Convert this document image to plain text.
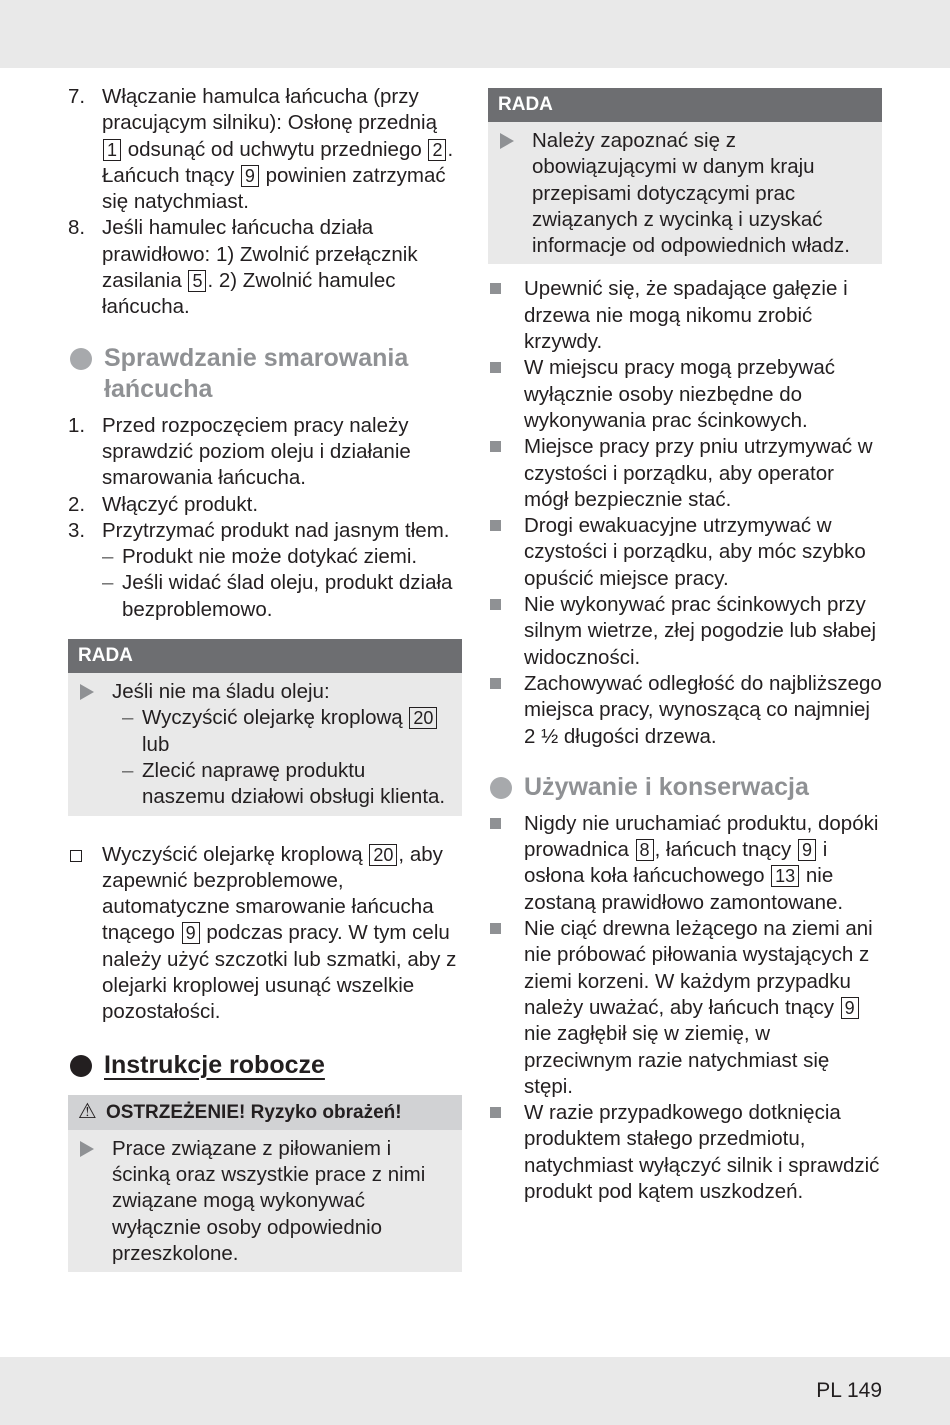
7. Włączanie hamulca łańcucha (przy pracującym silniku): Osłonę przednią 1 odsunąć od uchwytu przedniego 2 . Łańcuch tnący 9 powinien zatrzymać się natychmiast.
8. Jeśli hamulec łańcucha działa prawidłowo: 1) Zwolnić przełącznik zasilania 5 . 2) Zwolnić hamulec łańcucha.
Sprawdzanie smarowania łańcucha
1. Przed rozpoczęciem pracy należy sprawdzić poziom oleju i działanie smarowania łańcucha.
2. Włączyć produkt.
3. Przytrzymać produkt nad jasnym tłem.
– Produkt nie może dotykać ziemi.
– Jeśli widać ślad oleju, produkt działa bezproblemowo.
RADA
Jeśli nie ma śladu oleju:
– Wyczyścić olejarkę kroplową 20 lub
– Zlecić naprawę produktu naszemu działowi obsługi klienta.
Wyczyścić olejarkę kroplową 20 , aby zapewnić bezproblemowe, automatyczne smarowanie łańcucha tnącego 9 podczas pracy. W tym celu należy użyć szczotki lub szmatki, aby z olejarki kroplowej usunąć wszelkie pozostałości.
Instrukcje robocze
⚠ OSTRZEŻENIE! Ryzyko obrażeń!
Prace związane z piłowaniem i ścinką oraz wszystkie prace z nimi związane mogą wykonywać wyłącznie osoby odpowiednio przeszkolone.
RADA
Należy zapoznać się z obowiązującymi w danym kraju przepisami dotyczącymi prac związanych z wycinką i uzyskać informacje od odpowiednich władz.
Upewnić się, że spadające gałęzie i drzewa nie mogą nikomu zrobić krzywdy.
W miejscu pracy mogą przebywać wyłącznie osoby niezbędne do wykonywania prac ścinkowych.
Miejsce pracy przy pniu utrzymywać w czystości i porządku, aby operator mógł bezpiecznie stać.
Drogi ewakuacyjne utrzymywać w czystości i porządku, aby móc szybko opuścić miejsce pracy.
Nie wykonywać prac ścinkowych przy silnym wietrze, złej pogodzie lub słabej widoczności.
Zachowywać odległość do najbliższego miejsca pracy, wynoszącą co najmniej 2 ½ długości drzewa.
Używanie i konserwacja
Nigdy nie uruchamiać produktu, dopóki prowadnica 8 , łańcuch tnący 9 i osłona koła łańcuchowego 13 nie zostaną prawidłowo zamontowane.
Nie ciąć drewna leżącego na ziemi ani nie próbować piłowania wystających z ziemi korzeni. W każdym przypadku należy uważać, aby łańcuch tnący 9 nie zagłębił się w ziemię, w przeciwnym razie natychmiast się stępi.
W razie przypadkowego dotknięcia produktem stałego przedmiotu, natychmiast wyłączyć silnik i sprawdzić produkt pod kątem uszkodzeń.
PL 149
